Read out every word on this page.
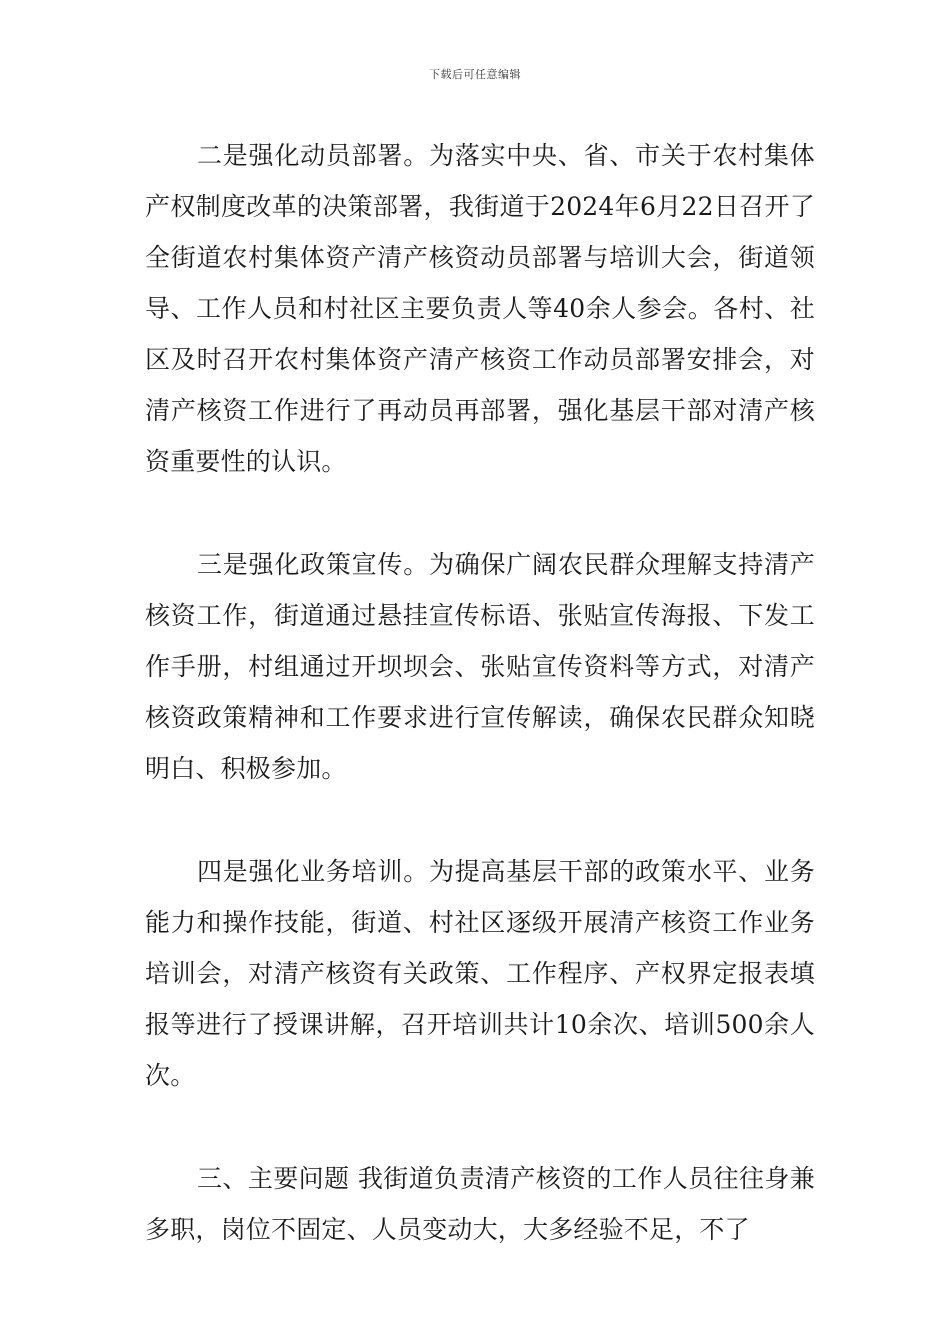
下载后可任意编辑

二是强化动员部署。为落实中央、省、市关于农村集体产权制度改革的决策部署，我街道于2024年6月22日召开了全街道农村集体资产清产核资动员部署与培训大会，街道领导、工作人员和村社区主要负责人等40余人参会。各村、社区及时召开农村集体资产清产核资工作动员部署安排会，对清产核资工作进行了再动员再部署，强化基层干部对清产核资重要性的认识。

三是强化政策宣传。为确保广阔农民群众理解支持清产核资工作，街道通过悬挂宣传标语、张贴宣传海报、下发工作手册，村组通过开坝坝会、张贴宣传资料等方式，对清产核资政策精神和工作要求进行宣传解读，确保农民群众知晓明白、积极参加。

四是强化业务培训。为提高基层干部的政策水平、业务能力和操作技能，街道、村社区逐级开展清产核资工作业务培训会，对清产核资有关政策、工作程序、产权界定报表填报等进行了授课讲解，召开培训共计10余次、培训500余人次。

三、主要问题 我街道负责清产核资的工作人员往往身兼多职，岗位不固定、人员变动大，大多经验不足，不了
